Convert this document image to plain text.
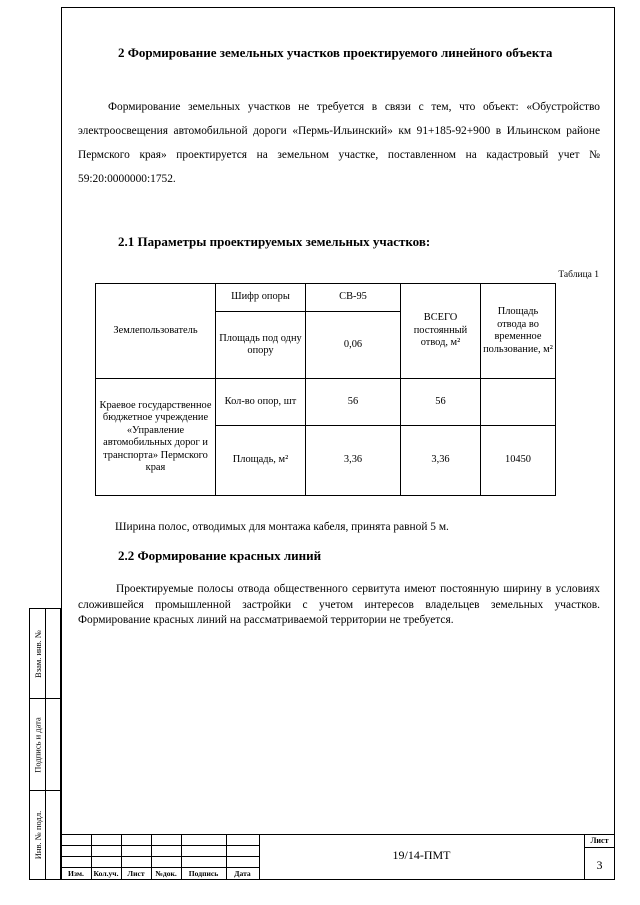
Взам. инв. №
Подпись и дата
Инв. № подл.
2 Формирование земельных участков проектируемого линейного объекта

Формирование земельных участков не требуется в связи с тем, что объект: «Обустройство электроосвещения автомобильной дороги «Пермь-Ильинский» км 91+185-92+900 в Ильинском районе Пермского края» проектируется на земельном участке, поставленном на кадастровый учет № 59:20:0000000:1752.

2.1 Параметры проектируемых земельных участков:
Таблица 1
Землепользователь	Шифр опоры	СВ-95	ВСЕГО постоянный отвод, м²	Площадь отвода во временное пользование, м²
	Площадь под одну опору	0,06		
Краевое государственное бюджетное учреждение «Управление автомобильных дорог и транспорта» Пермского края	Кол-во опор, шт	56	56	
	Площадь, м²	3,36	3,36	10450

Ширина полос, отводимых для монтажа кабеля, принята равной 5 м.

2.2 Формирование красных линий

Проектируемые полосы отвода общественного сервитута имеют постоянную ширину в условиях сложившейся промышленной застройки с учетом интересов владельцев земельных участков. Формирование красных линий на рассматриваемой территории не требуется.

Изм.	Кол.уч.	Лист	№док.	Подпись	Дата
19/14-ПМТ
Лист
3
